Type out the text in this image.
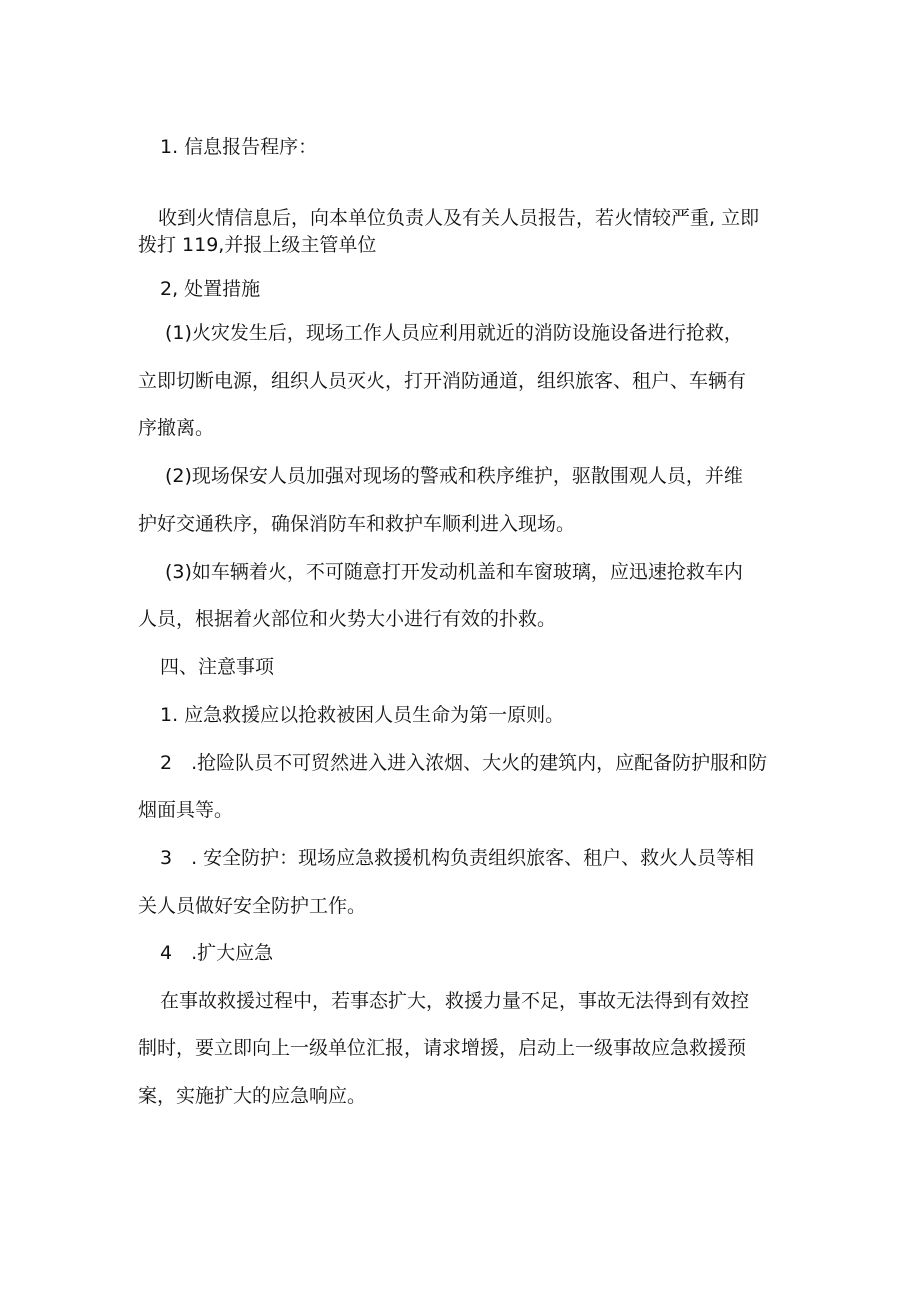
1. 信息报告程序：
收到火情信息后，向本单位负责人及有关人员报告，若火情较严重, 立即
拨打 119,并报上级主管单位
2, 处置措施
(1)火灾发生后，现场工作人员应利用就近的消防设施设备进行抢救，
立即切断电源，组织人员灭火，打开消防通道，组织旅客、租户、车辆有
序撤离。
(2)现场保安人员加强对现场的警戒和秩序维护，驱散围观人员，并维
护好交通秩序，确保消防车和救护车顺利进入现场。
(3)如车辆着火，不可随意打开发动机盖和车窗玻璃，应迅速抢救车内
人员，根据着火部位和火势大小进行有效的扑救。
四、注意事项
1. 应急救援应以抢救被困人员生命为第一原则。
2　.抢险队员不可贸然进入进入浓烟、大火的建筑内，应配备防护服和防
烟面具等。
3　. 安全防护：现场应急救援机构负责组织旅客、租户、救火人员等相
关人员做好安全防护工作。
4　.扩大应急
在事故救援过程中，若事态扩大，救援力量不足，事故无法得到有效控
制时，要立即向上一级单位汇报，请求增援，启动上一级事故应急救援预
案，实施扩大的应急响应。
